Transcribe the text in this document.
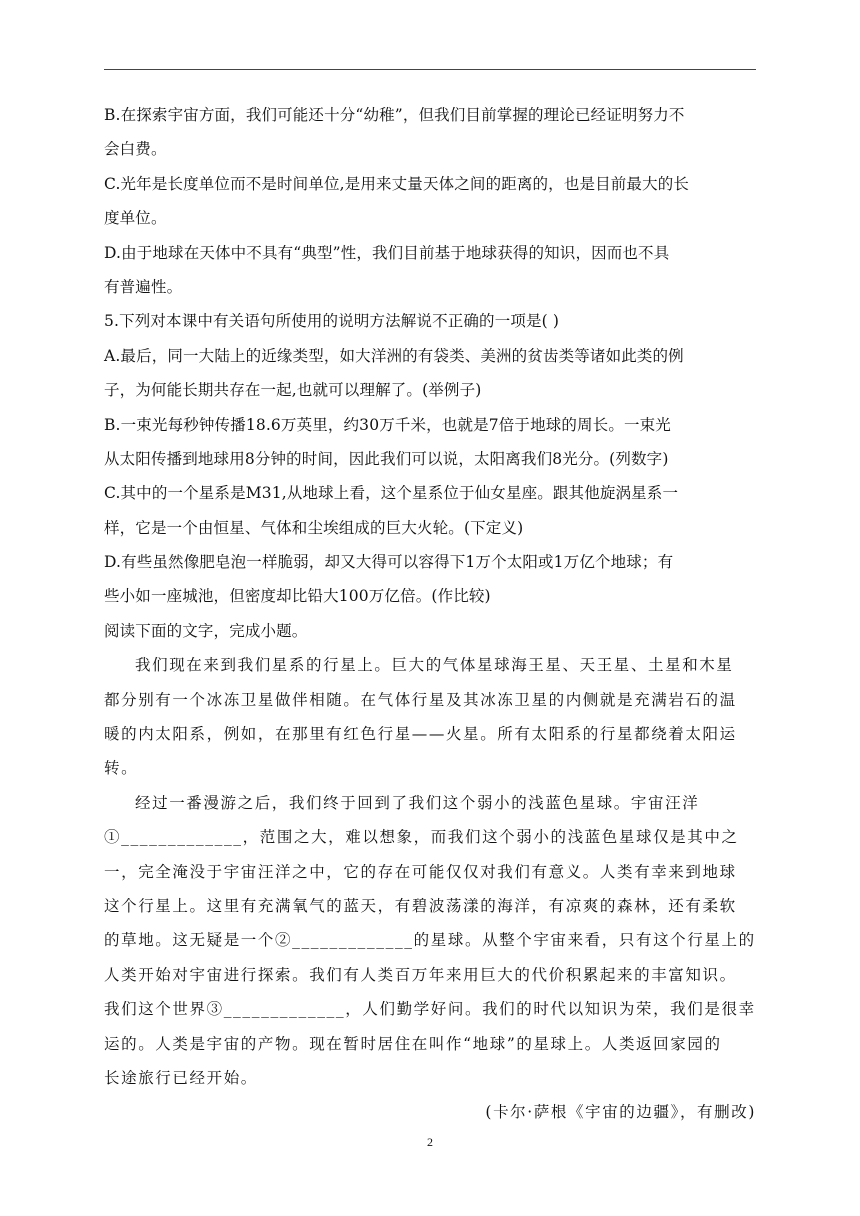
B.在探索宇宙方面，我们可能还十分“幼稚”，但我们目前掌握的理论已经证明努力不
会白费。
C.光年是长度单位而不是时间单位,是用来丈量天体之间的距离的，也是目前最大的长
度单位。
D.由于地球在天体中不具有“典型”性，我们目前基于地球获得的知识，因而也不具
有普遍性。
5.下列对本课中有关语句所使用的说明方法解说不正确的一项是( )
A.最后，同一大陆上的近缘类型，如大洋洲的有袋类、美洲的贫齿类等诸如此类的例
子，为何能长期共存在一起,也就可以理解了。(举例子)
B.一束光每秒钟传播18.6万英里，约30万千米，也就是7倍于地球的周长。一束光
从太阳传播到地球用8分钟的时间，因此我们可以说，太阳离我们8光分。(列数字)
C.其中的一个星系是M31,从地球上看，这个星系位于仙女星座。跟其他旋涡星系一
样，它是一个由恒星、气体和尘埃组成的巨大火轮。(下定义)
D.有些虽然像肥皂泡一样脆弱，却又大得可以容得下1万个太阳或1万亿个地球；有
些小如一座城池，但密度却比铅大100万亿倍。(作比较)
阅读下面的文字，完成小题。
我们现在来到我们星系的行星上。巨大的气体星球海王星、天王星、土星和木星
都分别有一个冰冻卫星做伴相随。在气体行星及其冰冻卫星的内侧就是充满岩石的温
暖的内太阳系，例如，在那里有红色行星——火星。所有太阳系的行星都绕着太阳运
转。
经过一番漫游之后，我们终于回到了我们这个弱小的浅蓝色星球。宇宙汪洋
①_____________，范围之大，难以想象，而我们这个弱小的浅蓝色星球仅是其中之
一，完全淹没于宇宙汪洋之中，它的存在可能仅仅对我们有意义。人类有幸来到地球
这个行星上。这里有充满氧气的蓝天，有碧波荡漾的海洋，有凉爽的森林，还有柔软
的草地。这无疑是一个②_____________的星球。从整个宇宙来看，只有这个行星上的
人类开始对宇宙进行探索。我们有人类百万年来用巨大的代价积累起来的丰富知识。
我们这个世界③_____________，人们勤学好问。我们的时代以知识为荣，我们是很幸
运的。人类是宇宙的产物。现在暂时居住在叫作“地球”的星球上。人类返回家园的
长途旅行已经开始。
(卡尔·萨根《宇宙的边疆》，有删改)
2
